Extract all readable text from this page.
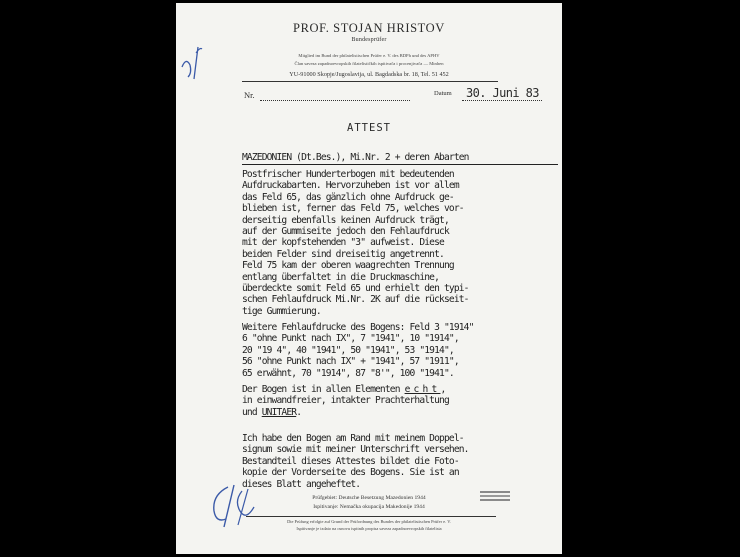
PROF. STOJAN HRISTOV
Bundesprüfer
Mitglied im Bund der philatelistischen Prüfer e. V. des BDPh und des APHV
Član saveza zapadnoevropskih filatelističkih ispitivača i procenjivača — Minhen
YU-91000 Skopje/Jugoslavija, ul. Bagdadska br. 18, Tel. 51 452
Nr.	Datum 30. Juni 83
ATTEST
MAZEDONIEN (Dt.Bes.), Mi.Nr. 2 + deren Abarten
Postfrischer Hunderterbogen mit bedeutenden
Aufdruckabarten. Hervorzuheben ist vor allem
das Feld 65, das gänzlich ohne Aufdruck ge-
blieben ist, ferner das Feld 75, welches vor-
derseitig ebenfalls keinen Aufdruck trägt,
auf der Gummiseite jedoch den Fehlaufdruck
mit der kopfstehenden "3" aufweist. Diese
beiden Felder sind dreiseitig angetrennt.
Feld 75 kam der oberen waagrechten Trennung
entlang überfaltet in die Druckmaschine,
überdeckte somit Feld 65 und erhielt den typi-
schen Fehlaufdruck Mi.Nr. 2K auf die rückseit-
tige Gummierung.
Weitere Fehlaufdrucke des Bogens: Feld 3 "1914"
6 "ohne Punkt nach IX", 7 "1941", 10 "1914",
20 "19 4", 40 "1941", 50 "1941", 53 "1914",
56 "ohne Punkt nach IX" + "1941", 57 "1911",
65 erwähnt, 70 "1914", 87 "8'", 100 "1941".
Der Bogen ist in allen Elementen echt,
in einwandfreier, intakter Prachterhaltung
und UNITAER.
Ich habe den Bogen am Rand mit meinem Doppel-
signum sowie mit meiner Unterschrift versehen.
Bestandteil dieses Attestes bildet die Foto-
kopie der Vorderseite des Bogens. Sie ist an
dieses Blatt angeheftet.
Prüfgebiet: Deutsche Besetzung Mazedonien 1944
Ispitivanje: Nemačka okupacija Makedonije 1944
Die Prüfung erfolgte auf Grund der Prüfordnung des Bundes der philatelistischen Prüfer e. V.
Ispitivanje je izdato na osnovu ispitnih propisa saveza zapadnoevropskih filatelista
